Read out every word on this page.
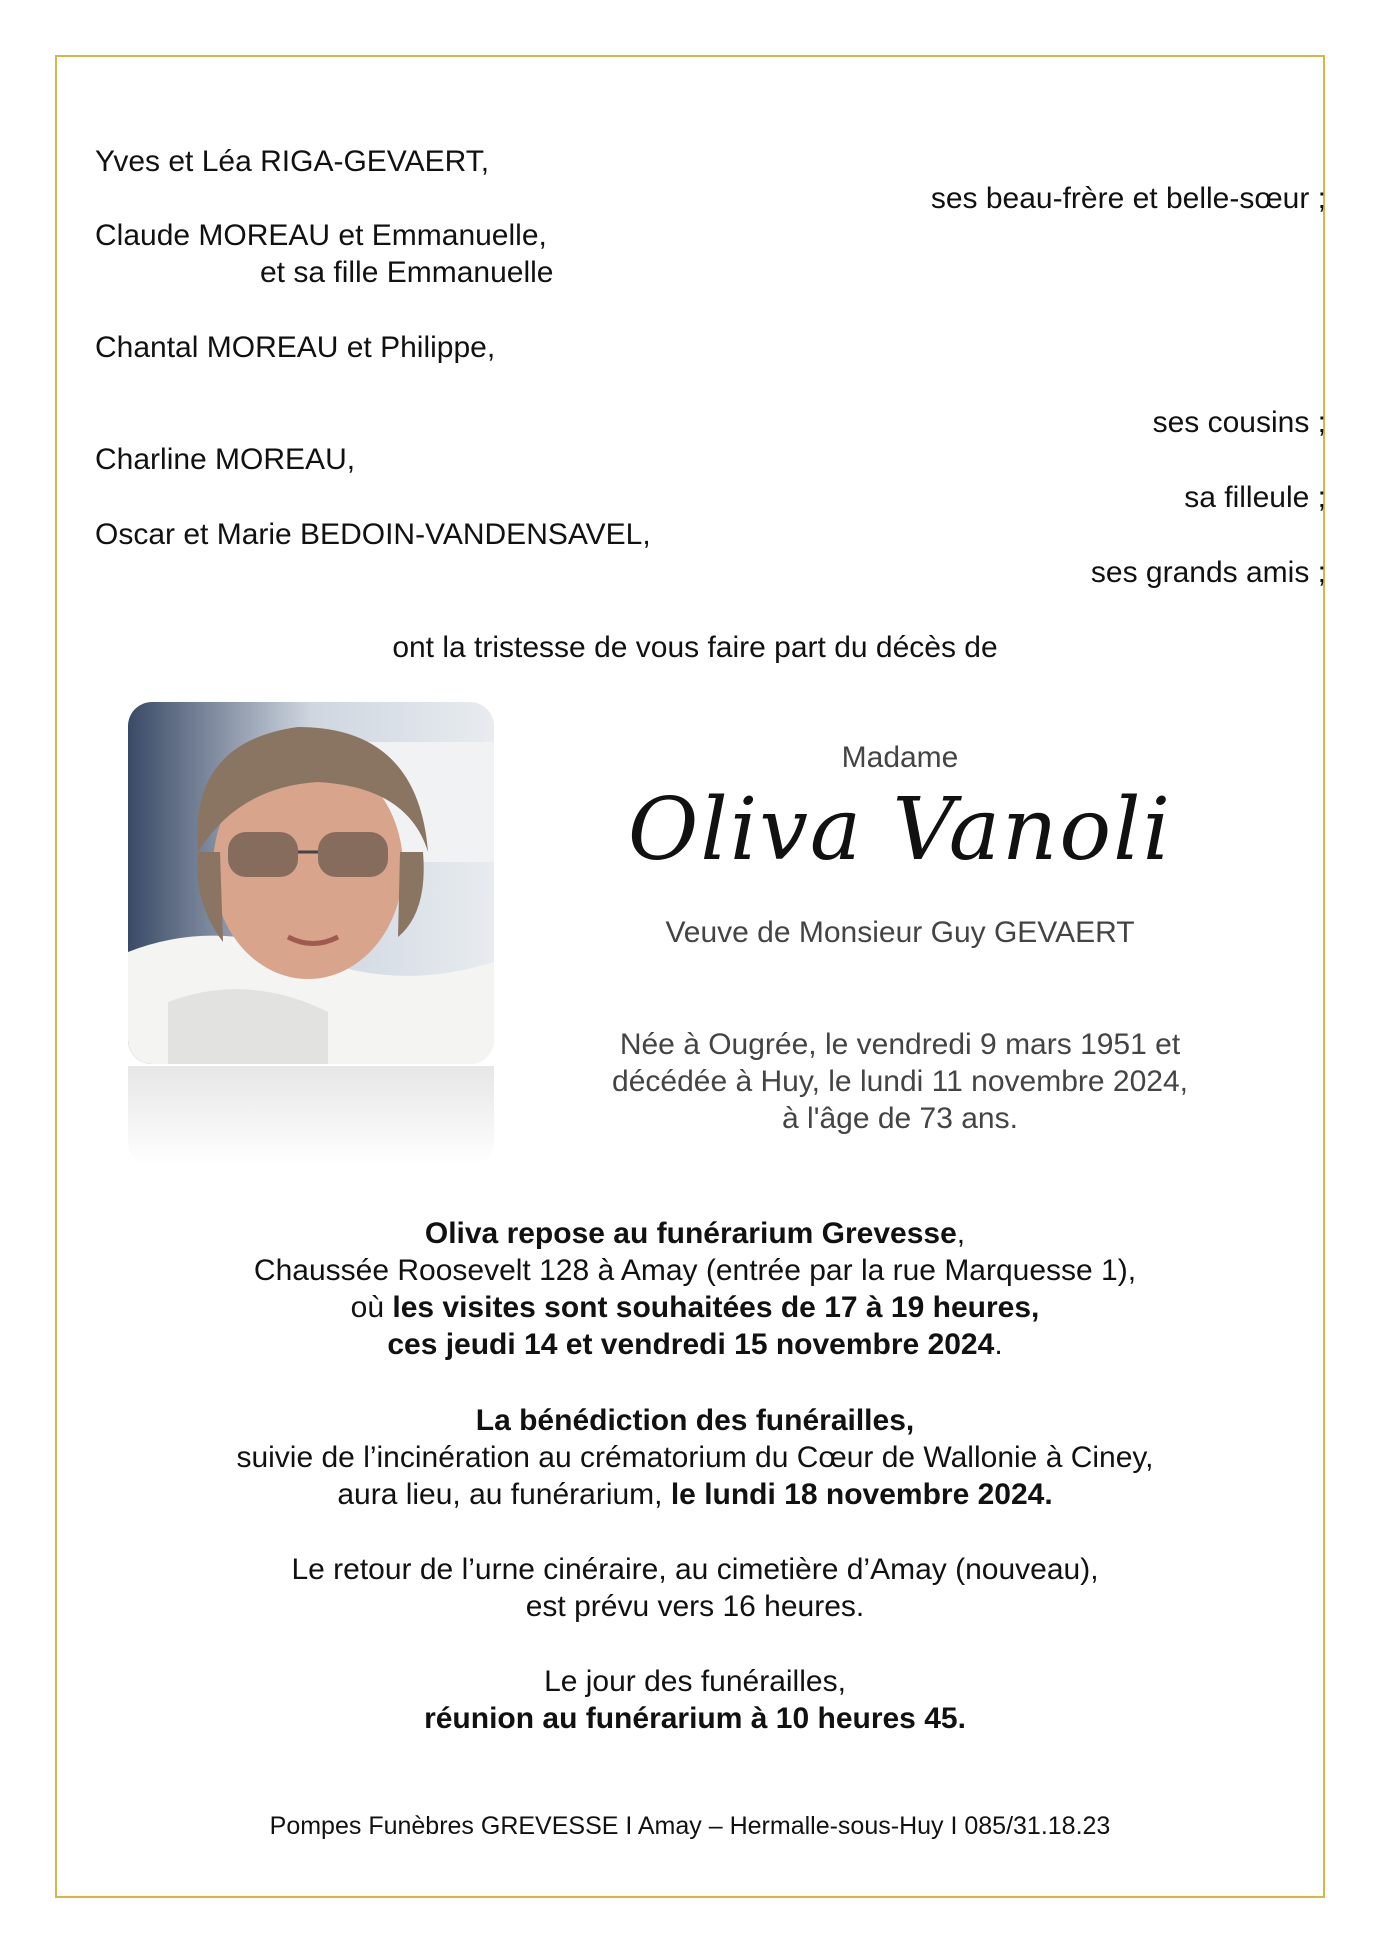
Yves et Léa RIGA-GEVAERT,
ses beau-frère et belle-sœur ;
Claude MOREAU et Emmanuelle,
et sa fille Emmanuelle
Chantal MOREAU et Philippe,
ses cousins ;
Charline MOREAU,
sa filleule ;
Oscar et Marie BEDOIN-VANDENSAVEL,
ses grands amis ;
ont la tristesse de vous faire part du décès de
Madame
Oliva Vanoli
Veuve de Monsieur Guy GEVAERT
Née à Ougrée, le vendredi 9 mars 1951 et
décédée à Huy, le lundi 11 novembre 2024,
à l'âge de 73 ans.
Oliva repose au funérarium Grevesse,
Chaussée Roosevelt 128 à Amay (entrée par la rue Marquesse 1),
où les visites sont souhaitées de 17 à 19 heures,
ces jeudi 14 et vendredi 15 novembre 2024.
La bénédiction des funérailles,
suivie de l’incinération au crématorium du Cœur de Wallonie à Ciney,
aura lieu, au funérarium, le lundi 18 novembre 2024.
Le retour de l’urne cinéraire, au cimetière d’Amay (nouveau),
est prévu vers 16 heures.
Le jour des funérailles,
réunion au funérarium à 10 heures 45.
Pompes Funèbres GREVESSE I Amay – Hermalle-sous-Huy I 085/31.18.23
